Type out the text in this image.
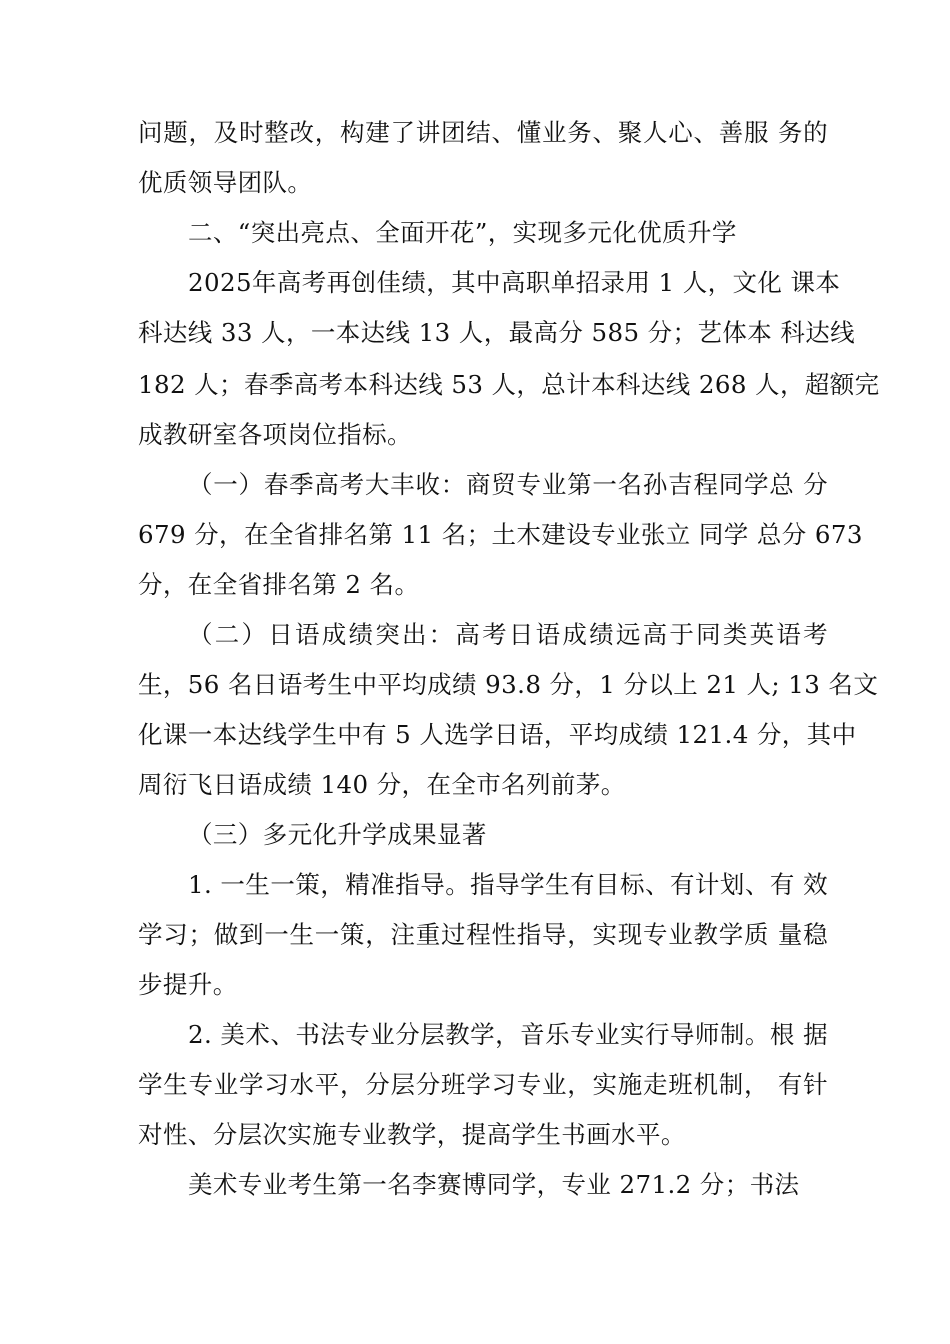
问题，及时整改，构建了讲团结、懂业务、聚人心、善服 务的
优质领导团队。
二、“突出亮点、全面开花”，实现多元化优质升学
2025年高考再创佳绩，其中高职单招录用 1 人，文化 课本
科达线 33 人，一本达线 13 人，最高分 585 分；艺体本 科达线
182 人；春季高考本科达线 53 人，总计本科达线 268 人，超额完
成教研室各项岗位指标。
（一）春季高考大丰收：商贸专业第一名孙吉程同学总 分
679 分，在全省排名第 11 名；土木建设专业张立 同学 总分 673
分，在全省排名第 2 名。
（二）日语成绩突出：高考日语成绩远高于同类英语考
生，56 名日语考生中平均成绩 93.8 分，1 分以上 21 人; 13 名文
化课一本达线学生中有 5 人选学日语，平均成绩 121.4 分，其中
周衍飞日语成绩 140 分，在全市名列前茅。
（三）多元化升学成果显著
1. 一生一策，精准指导。指导学生有目标、有计划、有 效
学习；做到一生一策，注重过程性指导，实现专业教学质 量稳
步提升。
2. 美术、书法专业分层教学，音乐专业实行导师制。根 据
学生专业学习水平，分层分班学习专业，实施走班机制， 有针
对性、分层次实施专业教学，提高学生书画水平。
美术专业考生第一名李赛博同学，专业 271.2 分；书法
